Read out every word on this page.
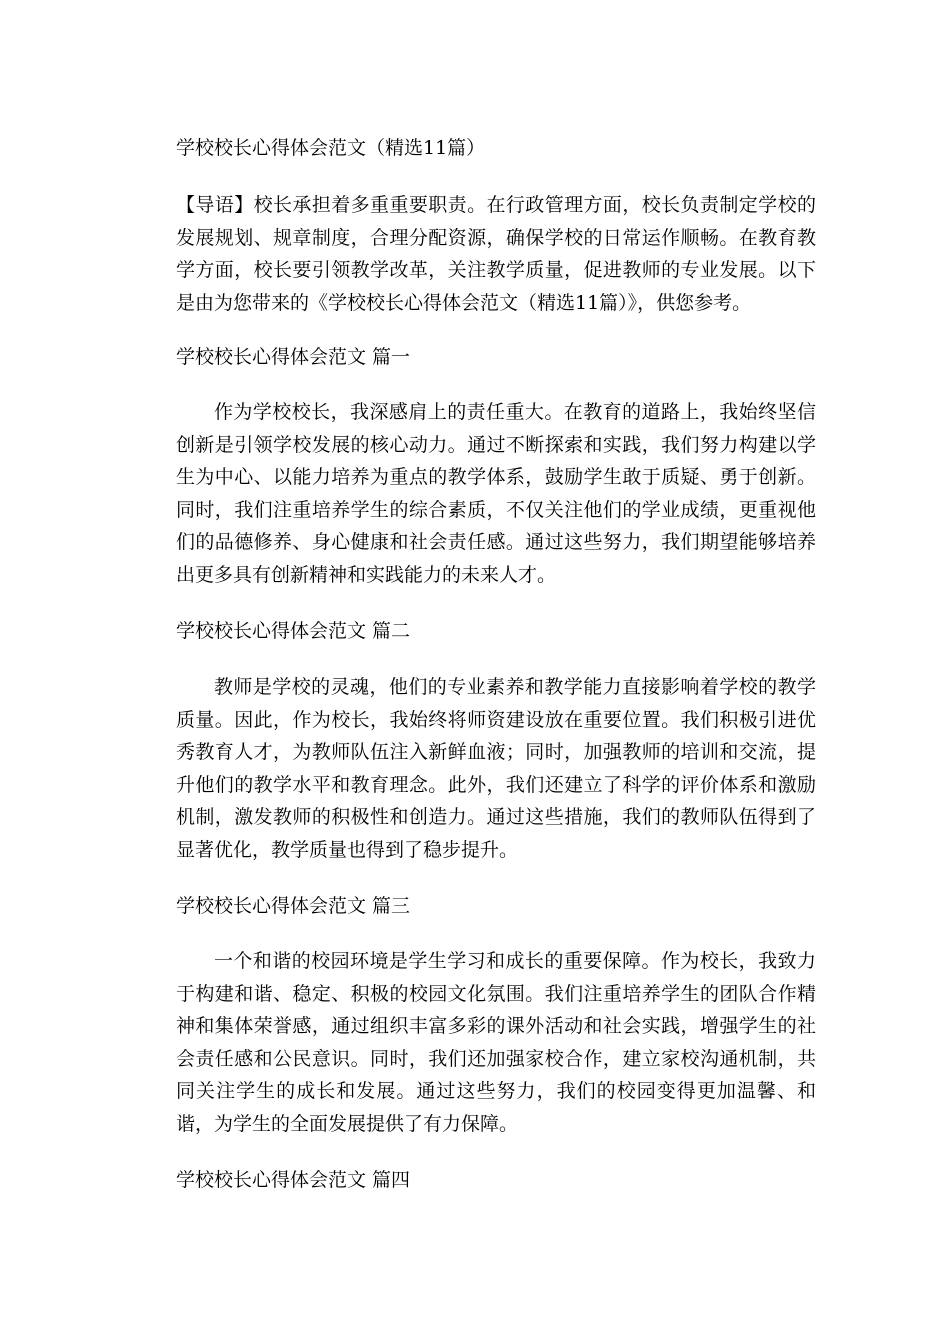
学校校长心得体会范文（精选11篇）

【导语】校长承担着多重重要职责。在行政管理方面，校长负责制定学校的发展规划、规章制度，合理分配资源，确保学校的日常运作顺畅。在教育教学方面，校长要引领教学改革，关注教学质量，促进教师的专业发展。以下是由为您带来的《学校校长心得体会范文（精选11篇）》，供您参考。

学校校长心得体会范文 篇一

作为学校校长，我深感肩上的责任重大。在教育的道路上，我始终坚信创新是引领学校发展的核心动力。通过不断探索和实践，我们努力构建以学生为中心、以能力培养为重点的教学体系，鼓励学生敢于质疑、勇于创新。同时，我们注重培养学生的综合素质，不仅关注他们的学业成绩，更重视他们的品德修养、身心健康和社会责任感。通过这些努力，我们期望能够培养出更多具有创新精神和实践能力的未来人才。

学校校长心得体会范文 篇二

教师是学校的灵魂，他们的专业素养和教学能力直接影响着学校的教学质量。因此，作为校长，我始终将师资建设放在重要位置。我们积极引进优秀教育人才，为教师队伍注入新鲜血液；同时，加强教师的培训和交流，提升他们的教学水平和教育理念。此外，我们还建立了科学的评价体系和激励机制，激发教师的积极性和创造力。通过这些措施，我们的教师队伍得到了显著优化，教学质量也得到了稳步提升。

学校校长心得体会范文 篇三

一个和谐的校园环境是学生学习和成长的重要保障。作为校长，我致力于构建和谐、稳定、积极的校园文化氛围。我们注重培养学生的团队合作精神和集体荣誉感，通过组织丰富多彩的课外活动和社会实践，增强学生的社会责任感和公民意识。同时，我们还加强家校合作，建立家校沟通机制，共同关注学生的成长和发展。通过这些努力，我们的校园变得更加温馨、和谐，为学生的全面发展提供了有力保障。

学校校长心得体会范文 篇四
